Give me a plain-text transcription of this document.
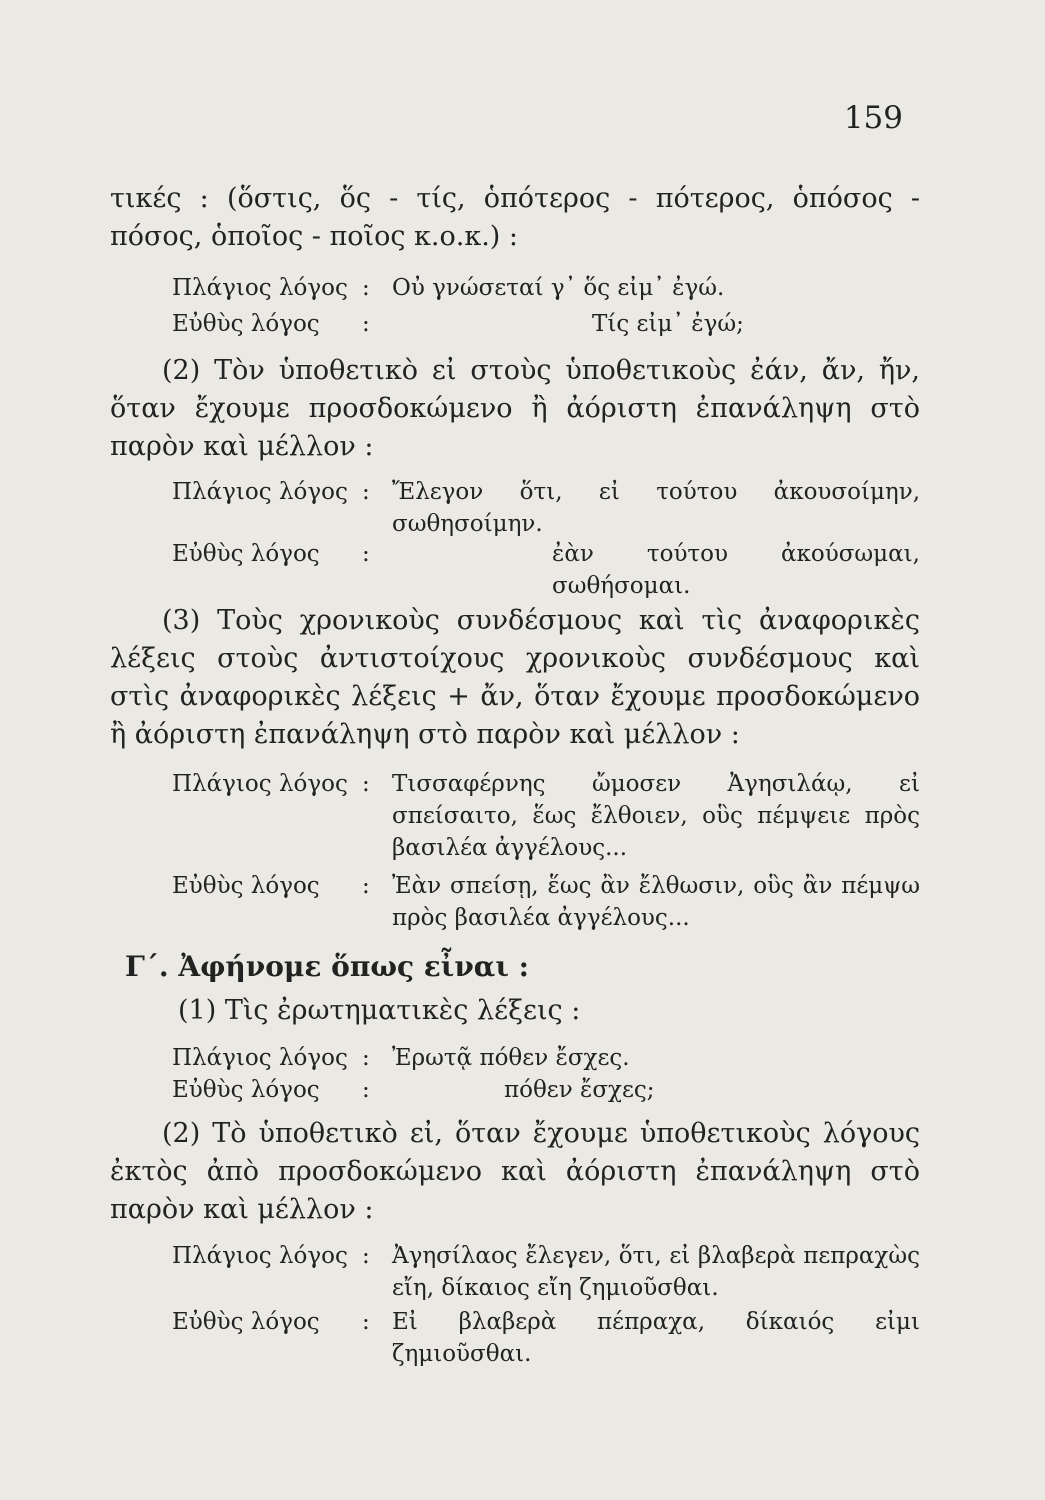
159
τικές : (ὅστις, ὅς - τίς, ὁπότερος - πότερος, ὁπόσος - πόσος, ὁποῖος - ποῖος κ.ο.κ.) :
Πλάγιος λόγος : Οὐ γνώσεταί γ᾿ ὅς εἰμ᾿ ἐγώ.
Εὐθὺς λόγος	:	Τίς εἰμ᾿ ἐγώ;
(2) Τὸν ὑποθετικὸ εἰ στοὺς ὑποθετικοὺς ἐάν, ἄν, ἤν, ὅταν ἔχουμε προσδοκώμενο ἢ ἀόριστη ἐπανάληψη στὸ παρὸν καὶ μέλλον :
Πλάγιος λόγος : Ἔλεγον ὅτι, εἰ τούτου ἀκουσοίμην, σωθησοίμην.
Εὐθὺς λόγος	:	ἐὰν τούτου ἀκούσωμαι, σωθήσομαι.
(3) Τοὺς χρονικοὺς συνδέσμους καὶ τὶς ἀναφορικὲς λέξεις στοὺς ἀντιστοίχους χρονικοὺς συνδέσμους καὶ στὶς ἀναφορικὲς λέξεις + ἄν, ὅταν ἔχουμε προσδοκώμενο ἢ ἀόριστη ἐπανάληψη στὸ παρὸν καὶ μέλλον :
Πλάγιος λόγος : Τισσαφέρνης ὤμοσεν Ἀγησιλάῳ, εἰ σπείσαιτο, ἕως ἔλθοιεν, οὓς πέμψειε πρὸς βασιλέα ἀγγέλους...
Εὐθὺς λόγος	: Ἐὰν σπείσῃ, ἕως ἂν ἔλθωσιν, οὓς ἂν πέμψω πρὸς βασιλέα ἀγγέλους...
Γ΄. Ἀφήνομε ὅπως εἶναι :
(1) Τὶς ἐρωτηματικὲς λέξεις :
Πλάγιος λόγος : Ἐρωτᾷ πόθεν ἔσχες.
Εὐθὺς λόγος	:	πόθεν ἔσχες;
(2) Τὸ ὑποθετικὸ εἰ, ὅταν ἔχουμε ὑποθετικοὺς λόγους ἐκτὸς ἀπὸ προσδοκώμενο καὶ ἀόριστη ἐπανάληψη στὸ παρὸν καὶ μέλλον :
Πλάγιος λόγος : Ἀγησίλαος ἔλεγεν, ὅτι, εἰ βλαβερὰ πεπραχὼς εἴη, δίκαιος εἴη ζημιοῦσθαι.
Εὐθὺς λόγος	: Εἰ βλαβερὰ πέπραχα, δίκαιός εἰμι ζημιοῦσθαι.
